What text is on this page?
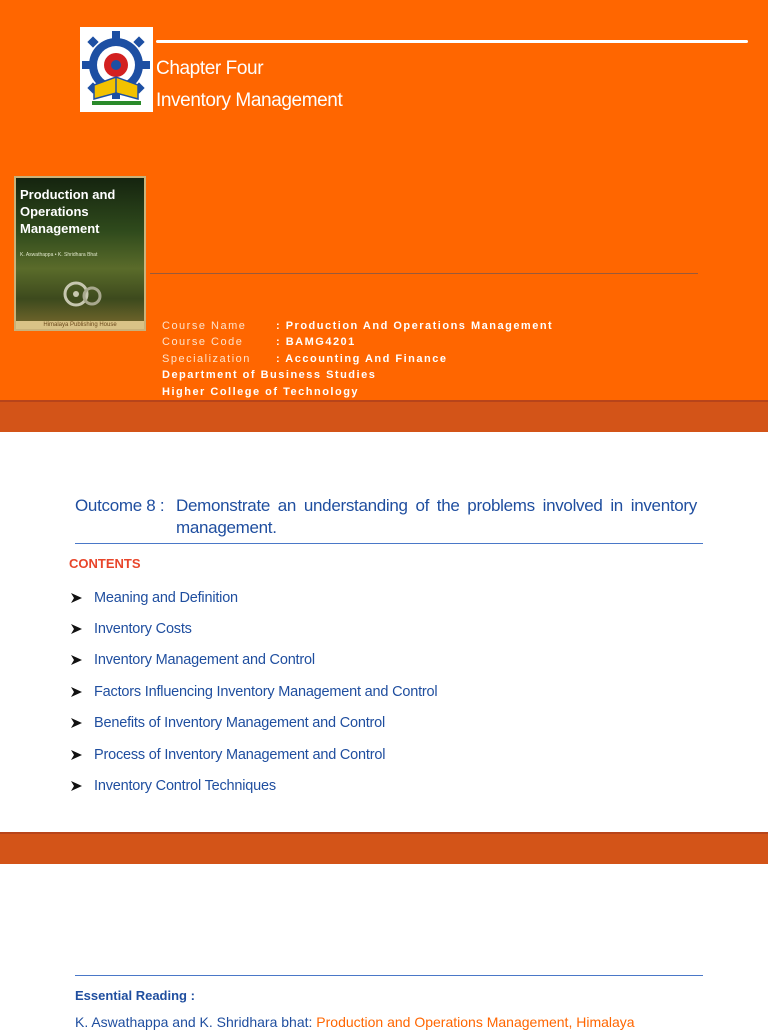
Chapter Four
Inventory Management
Production and
Operations
Management
K. Aswathappa • K. Shridhara Bhat
Himalaya Publishing House	Course Name	: Production And Operations Management
Course Code	: BAMG4201
Specialization : Accounting And Finance
Department of Business Studies
Higher College of Technology
Outcome 8 : Demonstrate an understanding of the problems involved in inventory management.
CONTENTS
Meaning and Definition
Inventory Costs
Inventory Management and Control
Factors Influencing Inventory Management and Control
Benefits of Inventory Management and Control
Process of Inventory Management and Control
Inventory Control Techniques
Essential Reading :
K. Aswathappa and K. Shridhara bhat: Production and Operations Management, Himalaya
